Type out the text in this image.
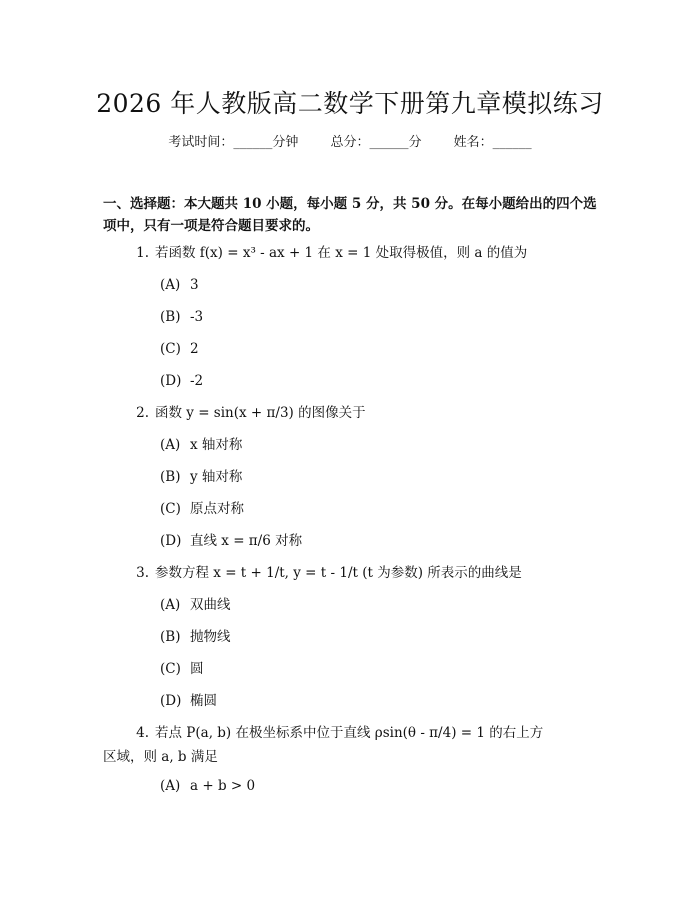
2026 年人教版高二数学下册第九章模拟练习
考试时间：______分钟 总分：______分 姓名：______
一、选择题：本大题共 10 小题，每小题 5 分，共 50 分。在每小题给出的四个选项中，只有一项是符合题目要求的。
1. 若函数 f(x) = x³ - ax + 1 在 x = 1 处取得极值，则 a 的值为
(A) 3
(B) -3
(C) 2
(D) -2
2. 函数 y = sin(x + π/3) 的图像关于
(A) x 轴对称
(B) y 轴对称
(C) 原点对称
(D) 直线 x = π/6 对称
3. 参数方程 x = t + 1/t, y = t - 1/t (t 为参数) 所表示的曲线是
(A) 双曲线
(B) 抛物线
(C) 圆
(D) 椭圆
4. 若点 P(a, b) 在极坐标系中位于直线 ρsin(θ - π/4) = 1 的右上方
区域，则 a, b 满足
(A) a + b > 0
